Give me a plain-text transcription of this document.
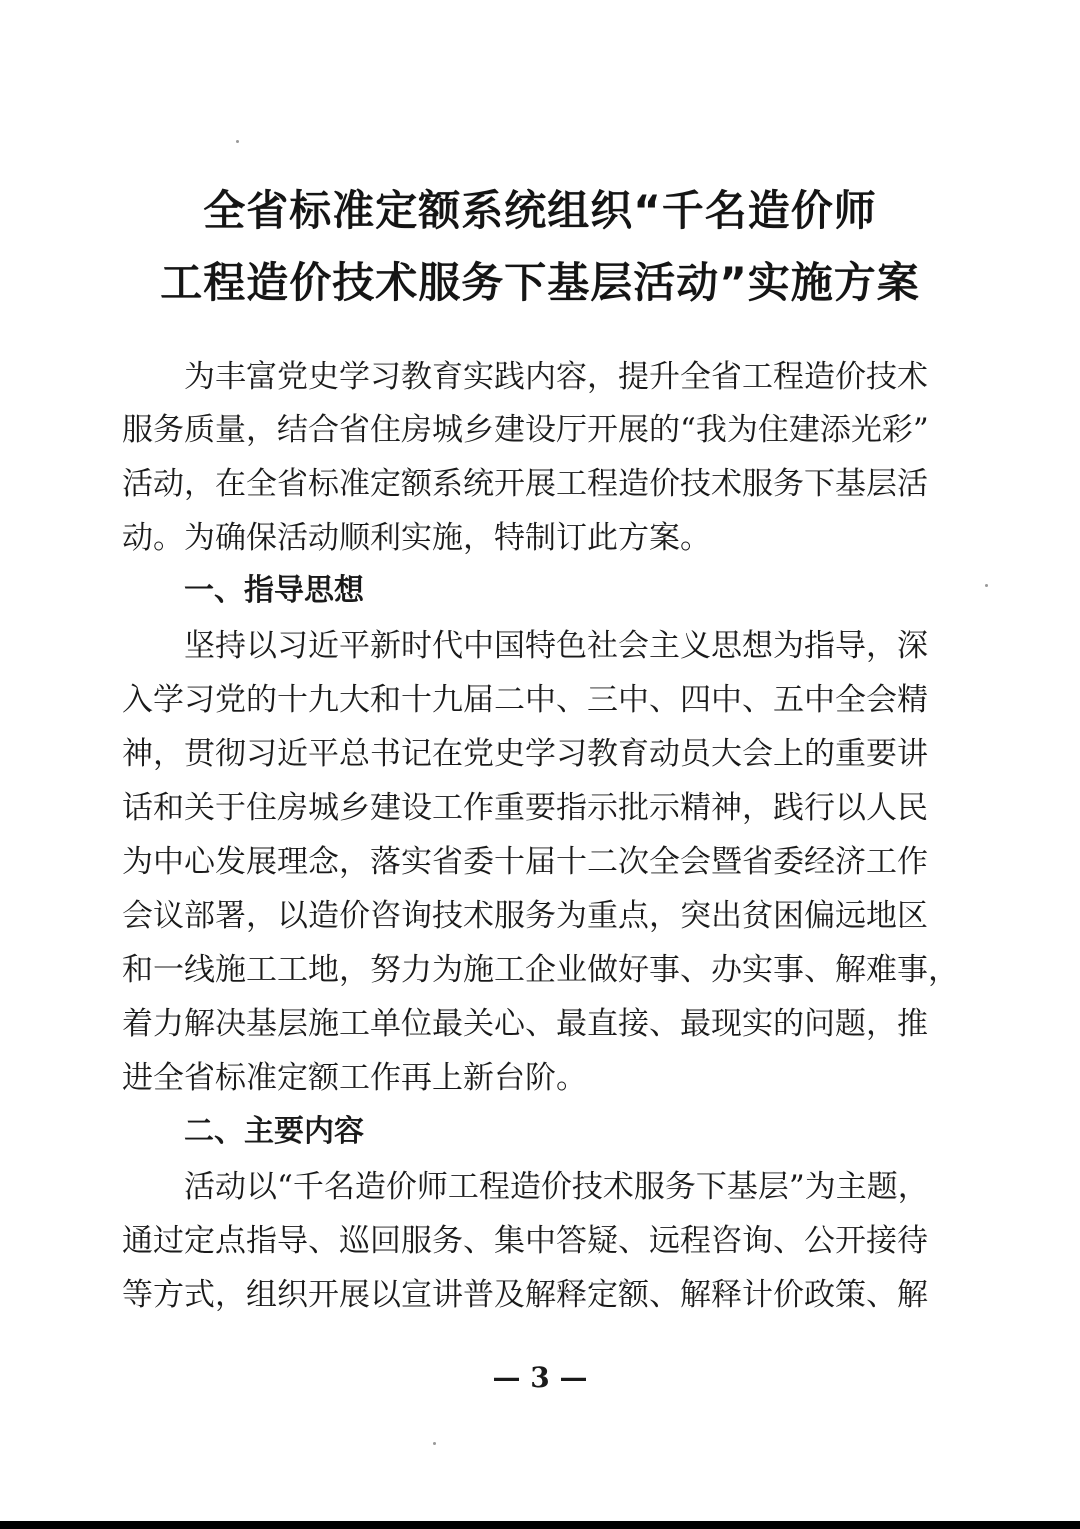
全省标准定额系统组织“千名造价师
工程造价技术服务下基层活动”实施方案
为丰富党史学习教育实践内容，提升全省工程造价技术
服务质量，结合省住房城乡建设厅开展的“我为住建添光彩”
活动，在全省标准定额系统开展工程造价技术服务下基层活
动。为确保活动顺利实施，特制订此方案。
一、指导思想
坚持以习近平新时代中国特色社会主义思想为指导，深
入学习党的十九大和十九届二中、三中、四中、五中全会精
神，贯彻习近平总书记在党史学习教育动员大会上的重要讲
话和关于住房城乡建设工作重要指示批示精神，践行以人民
为中心发展理念，落实省委十届十二次全会暨省委经济工作
会议部署，以造价咨询技术服务为重点，突出贫困偏远地区
和一线施工工地，努力为施工企业做好事、办实事、解难事，
着力解决基层施工单位最关心、最直接、最现实的问题，推
进全省标准定额工作再上新台阶。
二、主要内容
活动以“千名造价师工程造价技术服务下基层”为主题，
通过定点指导、巡回服务、集中答疑、远程咨询、公开接待
等方式，组织开展以宣讲普及解释定额、解释计价政策、解
— 3 —
